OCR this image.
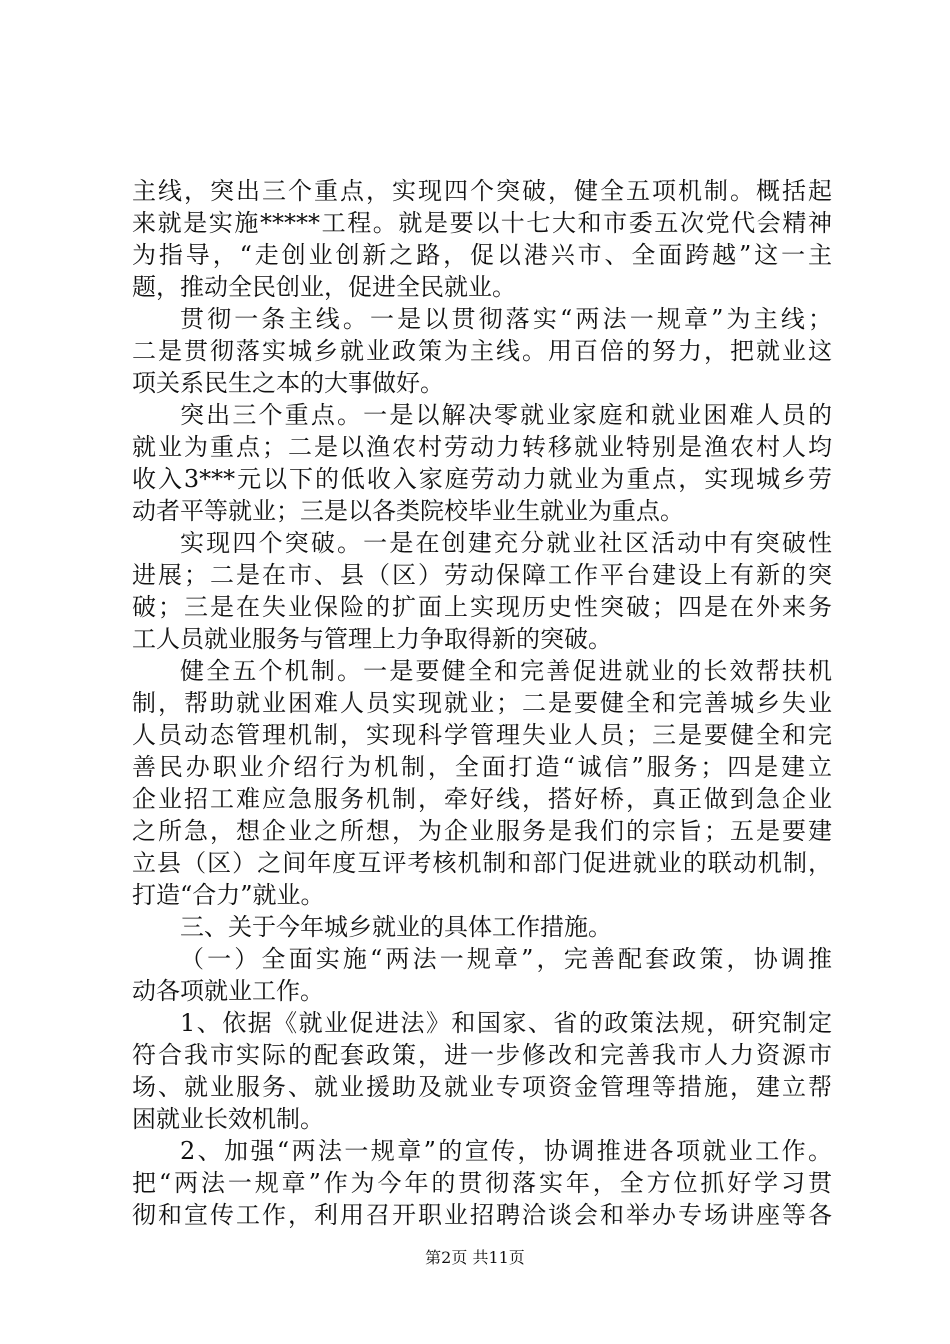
主线，突出三个重点，实现四个突破，健全五项机制。概括起
来就是实施*****工程。就是要以十七大和市委五次党代会精神
为指导，“走创业创新之路，促以港兴市、全面跨越”这一主
题，推动全民创业，促进全民就业。
贯彻一条主线。一是以贯彻落实“两法一规章”为主线；
二是贯彻落实城乡就业政策为主线。用百倍的努力，把就业这
项关系民生之本的大事做好。
突出三个重点。一是以解决零就业家庭和就业困难人员的
就业为重点；二是以渔农村劳动力转移就业特别是渔农村人均
收入3***元以下的低收入家庭劳动力就业为重点，实现城乡劳
动者平等就业；三是以各类院校毕业生就业为重点。
实现四个突破。一是在创建充分就业社区活动中有突破性
进展；二是在市、县（区）劳动保障工作平台建设上有新的突
破；三是在失业保险的扩面上实现历史性突破；四是在外来务
工人员就业服务与管理上力争取得新的突破。
健全五个机制。一是要健全和完善促进就业的长效帮扶机
制，帮助就业困难人员实现就业；二是要健全和完善城乡失业
人员动态管理机制，实现科学管理失业人员；三是要健全和完
善民办职业介绍行为机制，全面打造“诚信”服务；四是建立
企业招工难应急服务机制，牵好线，搭好桥，真正做到急企业
之所急，想企业之所想，为企业服务是我们的宗旨；五是要建
立县（区）之间年度互评考核机制和部门促进就业的联动机制，
打造“合力”就业。
三、关于今年城乡就业的具体工作措施。
（一）全面实施“两法一规章”，完善配套政策，协调推
动各项就业工作。
1、依据《就业促进法》和国家、省的政策法规，研究制定
符合我市实际的配套政策，进一步修改和完善我市人力资源市
场、就业服务、就业援助及就业专项资金管理等措施，建立帮
困就业长效机制。
2、加强“两法一规章”的宣传，协调推进各项就业工作。
把“两法一规章”作为今年的贯彻落实年，全方位抓好学习贯
彻和宣传工作，利用召开职业招聘洽谈会和举办专场讲座等各
第2页 共11页
